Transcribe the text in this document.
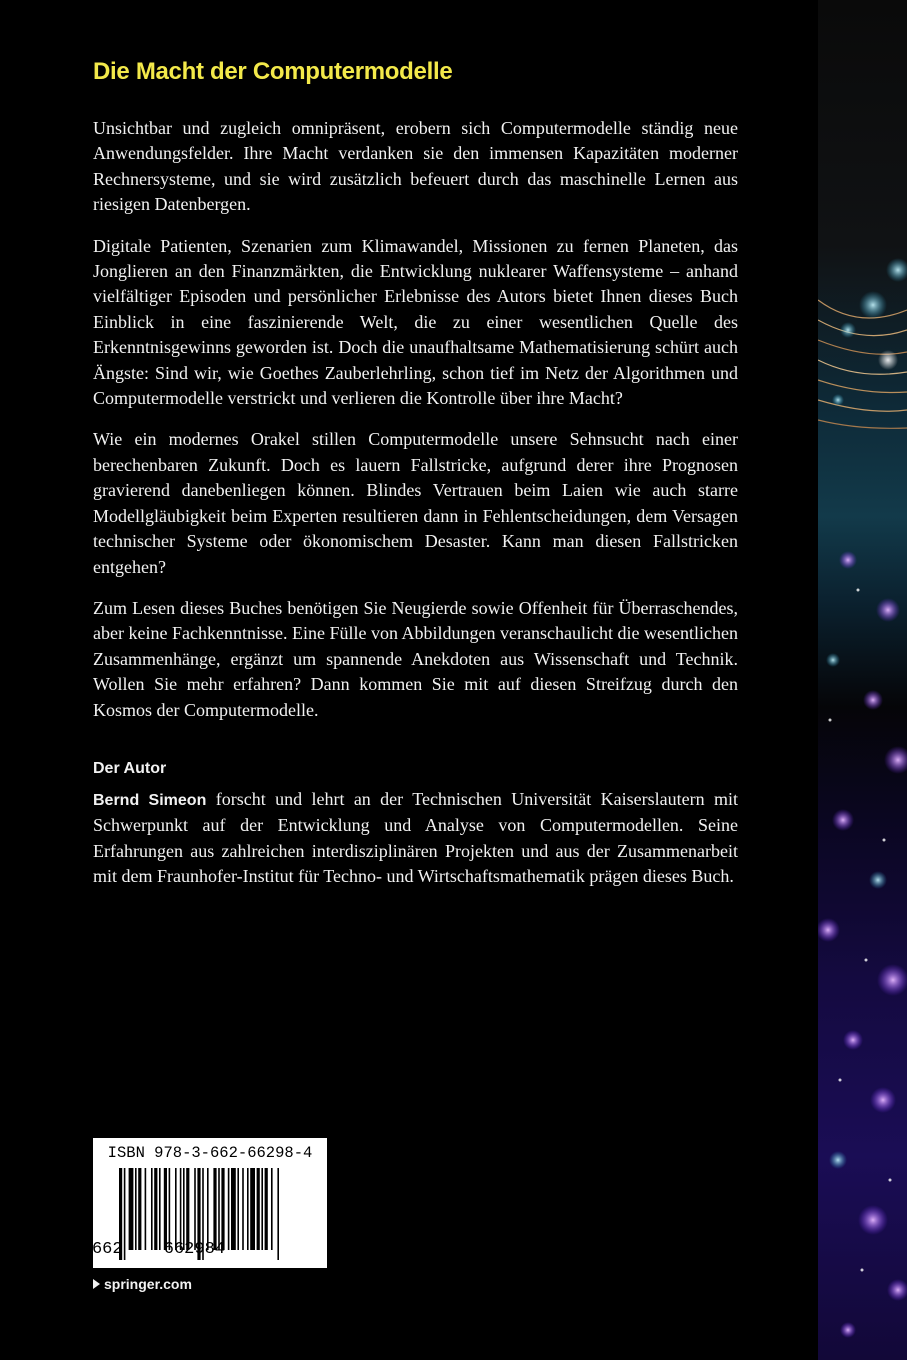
Die Macht der Computermodelle

Unsichtbar und zugleich omnipräsent, erobern sich Computermodelle ständig neue Anwendungsfelder. Ihre Macht verdanken sie den immensen Kapazitäten moderner Rechnersysteme, und sie wird zusätzlich befeuert durch das maschinelle Lernen aus riesigen Datenbergen.

Digitale Patienten, Szenarien zum Klimawandel, Missionen zu fernen Planeten, das Jonglieren an den Finanzmärkten, die Entwicklung nuklearer Waffensysteme – anhand vielfältiger Episoden und persönlicher Erlebnisse des Autors bietet Ihnen dieses Buch Einblick in eine faszinierende Welt, die zu einer wesentlichen Quelle des Erkenntnisgewinns geworden ist. Doch die unaufhaltsame Mathematisierung schürt auch Ängste: Sind wir, wie Goethes Zauberlehrling, schon tief im Netz der Algorithmen und Computermodelle verstrickt und verlieren die Kontrolle über ihre Macht?

Wie ein modernes Orakel stillen Computermodelle unsere Sehnsucht nach einer berechenbaren Zukunft. Doch es lauern Fallstricke, aufgrund derer ihre Prognosen gravierend danebenliegen können. Blindes Vertrauen beim Laien wie auch starre Modellgläubigkeit beim Experten resultieren dann in Fehlentscheidungen, dem Versagen technischer Systeme oder ökonomischem Desaster. Kann man diesen Fallstricken entgehen?

Zum Lesen dieses Buches benötigen Sie Neugierde sowie Offenheit für Überraschendes, aber keine Fachkenntnisse. Eine Fülle von Abbildungen veranschaulicht die wesentlichen Zusammenhänge, ergänzt um spannende Anekdoten aus Wissenschaft und Technik. Wollen Sie mehr erfahren? Dann kommen Sie mit auf diesen Streifzug durch den Kosmos der Computermodelle.

Der Autor

Bernd Simeon forscht und lehrt an der Technischen Universität Kaiserslautern mit Schwerpunkt auf der Entwicklung und Analyse von Computermodellen. Seine Erfahrungen aus zahlreichen interdisziplinären Projekten und aus der Zusammenarbeit mit dem Fraunhofer-Institut für Techno- und Wirtschaftsmathematik prägen dieses Buch.

ISBN 978-3-662-66298-4
9 783662 662984
springer.com
